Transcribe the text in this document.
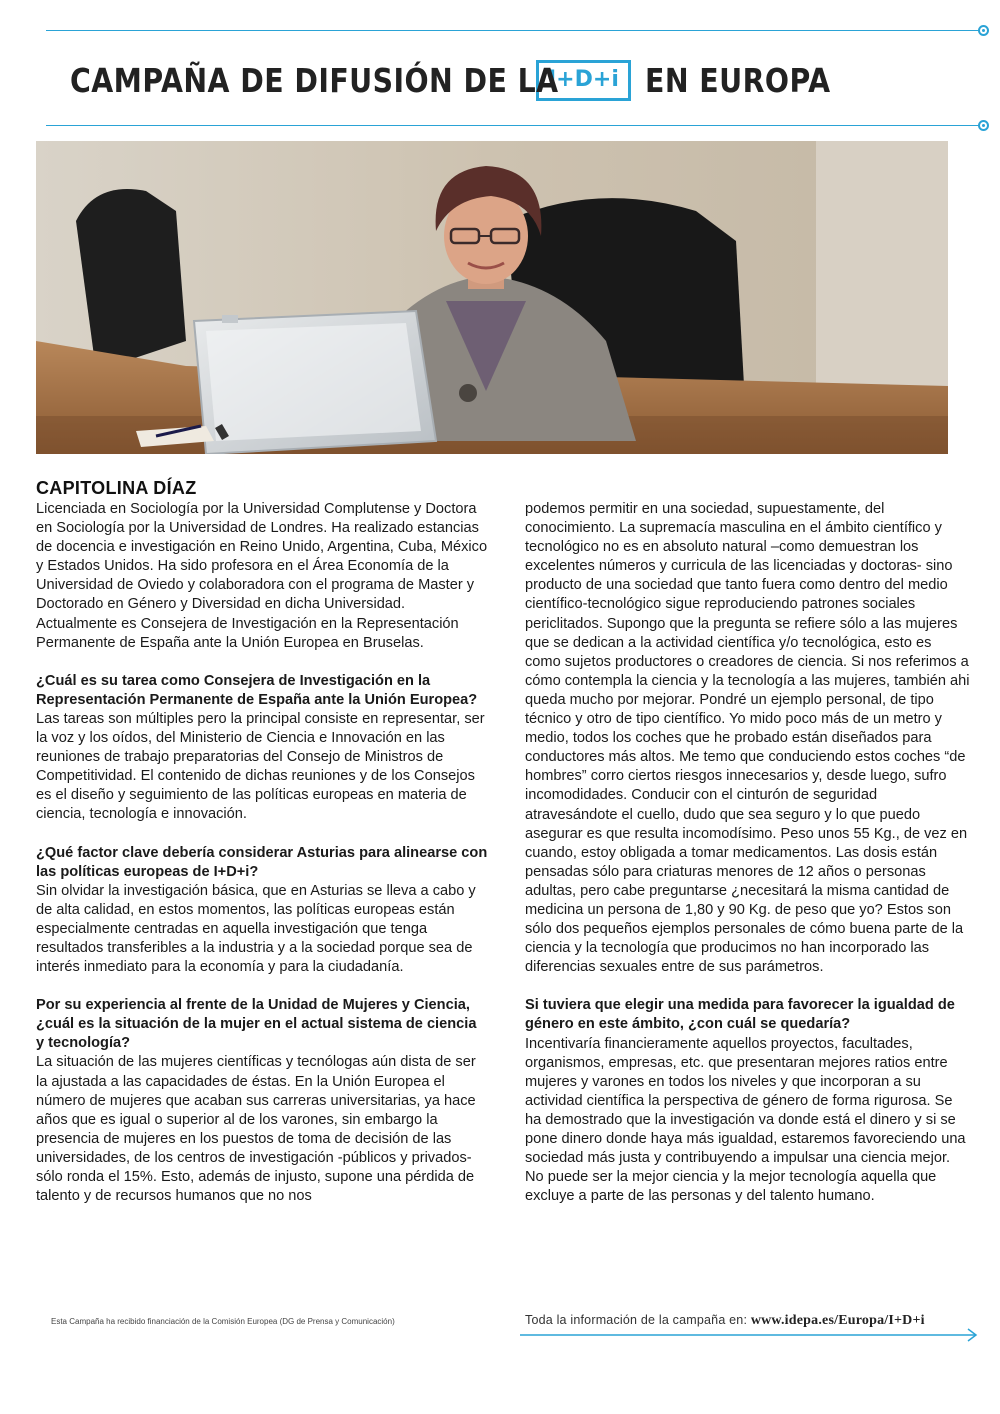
CAMPAÑA DE DIFUSIÓN DE LA
I+D+i EN EUROPA
CAPITOLINA DÍAZ

Licenciada en Sociología por la Universidad Complutense y Doctora en Sociología por la Universidad de Londres. Ha realizado estancias de docencia e investigación en Reino Unido, Argentina, Cuba, México y Estados Unidos. Ha sido profesora en el Área Economía de la Universidad de Oviedo y colaboradora con el programa de Master y Doctorado en Género y Diversidad en dicha Universidad. Actualmente es Consejera de Investigación en la Representación Permanente de España ante la Unión Europea en Bruselas.

¿Cuál es su tarea como Consejera de Investigación en la Representación Permanente de España ante la Unión Europea?

Las tareas son múltiples pero la principal consiste en representar, ser la voz y los oídos, del Ministerio de Ciencia e Innovación en las reuniones de trabajo preparatorias del Consejo de Ministros de Competitividad. El contenido de dichas reuniones y de los Consejos es el diseño y seguimiento de las políticas europeas en materia de ciencia, tecnología e innovación.

¿Qué factor clave debería considerar Asturias para alinearse con las políticas europeas de I+D+i?

Sin olvidar la investigación básica, que en Asturias se lleva a cabo y de alta calidad, en estos momentos, las políticas europeas están especialmente centradas en aquella investigación que tenga resultados transferibles a la industria y a la sociedad porque sea de interés inmediato para la economía y para la ciudadanía.

Por su experiencia al frente de la Unidad de Mujeres y Ciencia, ¿cuál es la situación de la mujer en el actual sistema de ciencia y tecnología?

La situación de las mujeres científicas y tecnólogas aún dista de ser la ajustada a las capacidades de éstas. En la Unión Europea el número de mujeres que acaban sus carreras universitarias, ya hace años que es igual o superior al de los varones, sin embargo la presencia de mujeres en los puestos de toma de decisión de las universidades, de los centros de investigación -públicos y privados- sólo ronda el 15%. Esto, además de injusto, supone una pérdida de talento y de recursos humanos que no nos

podemos permitir en una sociedad, supuestamente, del conocimiento. La supremacía masculina en el ámbito científico y tecnológico no es en absoluto natural –como demuestran los excelentes números y curricula de las licenciadas y doctoras- sino producto de una sociedad que tanto fuera como dentro del medio científico-tecnológico sigue reproduciendo patrones sociales periclitados. Supongo que la pregunta se refiere sólo a las mujeres que se dedican a la actividad científica y/o tecnológica, esto es como sujetos productores o creadores de ciencia. Si nos referimos a cómo contempla la ciencia y la tecnología a las mujeres, también ahi queda mucho por mejorar. Pondré un ejemplo personal, de tipo técnico y otro de tipo científico. Yo mido poco más de un metro y medio, todos los coches que he probado están diseñados para conductores más altos. Me temo que conduciendo estos coches “de hombres” corro ciertos riesgos innecesarios y, desde luego, sufro incomodidades. Conducir con el cinturón de seguridad atravesándote el cuello, dudo que sea seguro y lo que puedo asegurar es que resulta incomodísimo. Peso unos 55 Kg., de vez en cuando, estoy obligada a tomar medicamentos. Las dosis están pensadas sólo para criaturas menores de 12 años o personas adultas, pero cabe preguntarse ¿necesitará la misma cantidad de medicina un persona de 1,80 y 90 Kg. de peso que yo? Estos son sólo dos pequeños ejemplos personales de cómo buena parte de la ciencia y la tecnología que producimos no han incorporado las diferencias sexuales entre de sus parámetros.

Si tuviera que elegir una medida para favorecer la igualdad de género en este ámbito, ¿con cuál se quedaría?

Incentivaría financieramente aquellos proyectos, facultades, organismos, empresas, etc. que presentaran mejores ratios entre mujeres y varones en todos los niveles y que incorporan a su actividad científica la perspectiva de género de forma rigurosa. Se ha demostrado que la investigación va donde está el dinero y si se pone dinero donde haya más igualdad, estaremos favoreciendo una sociedad más justa y contribuyendo a impulsar una ciencia mejor. No puede ser la mejor ciencia y la mejor tecnología aquella que excluye a parte de las personas y del talento humano.

Esta Campaña ha recibido financiación de la Comisión Europea (DG de Prensa y Comunicación)	Toda la información de la campaña en: www.idepa.es/Europa/I+D+i
